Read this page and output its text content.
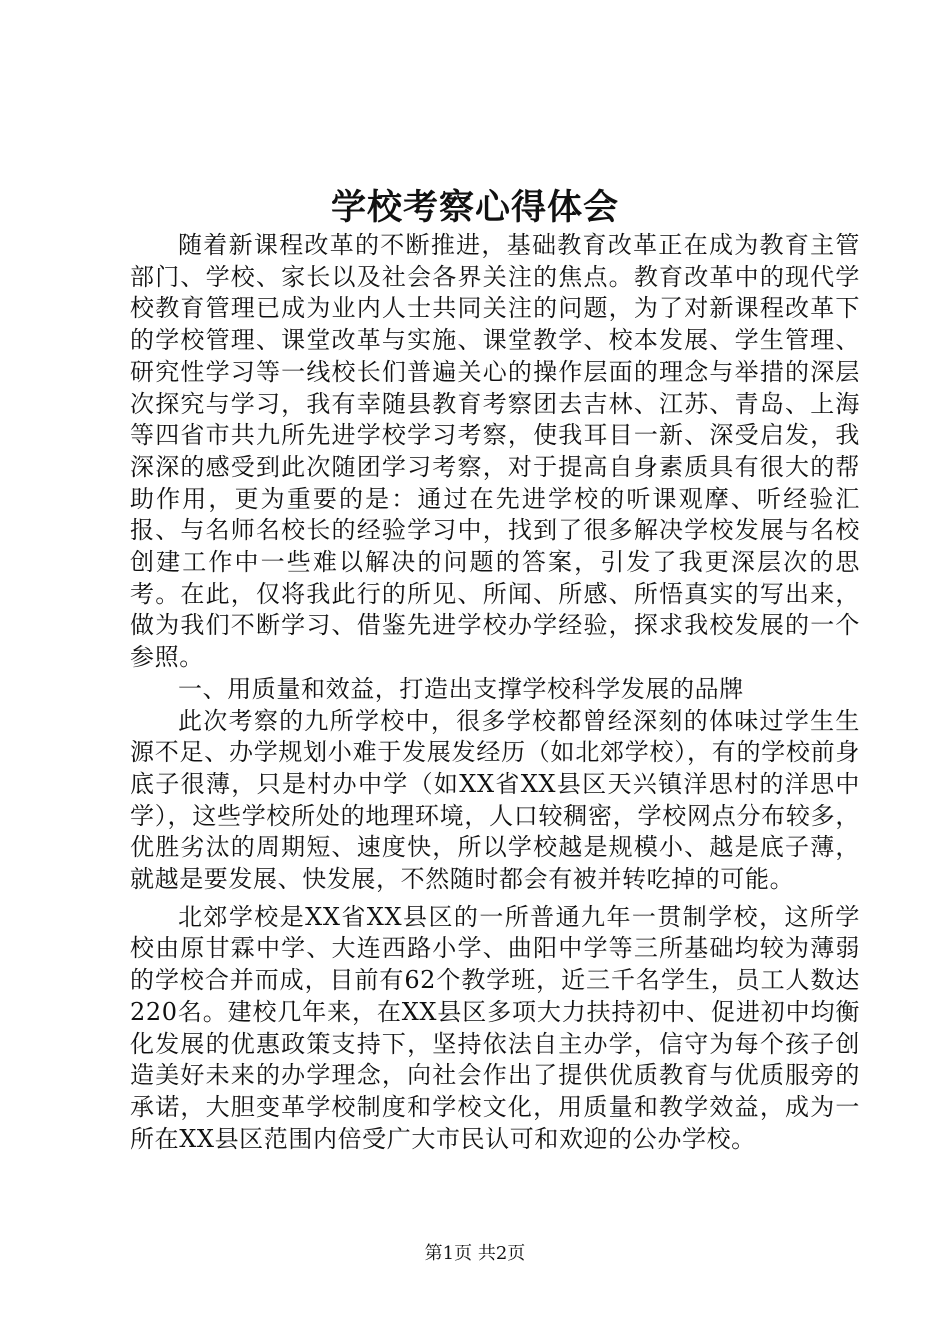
学校考察心得体会

随着新课程改革的不断推进，基础教育改革正在成为教育主管部门、学校、家长以及社会各界关注的焦点。教育改革中的现代学校教育管理已成为业内人士共同关注的问题，为了对新课程改革下的学校管理、课堂改革与实施、课堂教学、校本发展、学生管理、研究性学习等一线校长们普遍关心的操作层面的理念与举措的深层次探究与学习，我有幸随县教育考察团去吉林、江苏、青岛、上海等四省市共九所先进学校学习考察，使我耳目一新、深受启发，我深深的感受到此次随团学习考察，对于提高自身素质具有很大的帮助作用，更为重要的是：通过在先进学校的听课观摩、听经验汇报、与名师名校长的经验学习中，找到了很多解决学校发展与名校创建工作中一些难以解决的问题的答案，引发了我更深层次的思考。在此，仅将我此行的所见、所闻、所感、所悟真实的写出来，做为我们不断学习、借鉴先进学校办学经验，探求我校发展的一个参照。

一、用质量和效益，打造出支撑学校科学发展的品牌

此次考察的九所学校中，很多学校都曾经深刻的体味过学生生源不足、办学规划小难于发展发经历（如北郊学校），有的学校前身底子很薄，只是村办中学（如XX省XX县区天兴镇洋思村的洋思中学），这些学校所处的地理环境，人口较稠密，学校网点分布较多，优胜劣汰的周期短、速度快，所以学校越是规模小、越是底子薄，就越是要发展、快发展，不然随时都会有被并转吃掉的可能。

北郊学校是XX省XX县区的一所普通九年一贯制学校，这所学校由原甘霖中学、大连西路小学、曲阳中学等三所基础均较为薄弱的学校合并而成，目前有62个教学班，近三千名学生，员工人数达220名。建校几年来，在XX县区多项大力扶持初中、促进初中均衡化发展的优惠政策支持下，坚持依法自主办学，信守为每个孩子创造美好未来的办学理念，向社会作出了提供优质教育与优质服旁的承诺，大胆变革学校制度和学校文化，用质量和教学效益，成为一所在XX县区范围内倍受广大市民认可和欢迎的公办学校。

第1页 共2页
